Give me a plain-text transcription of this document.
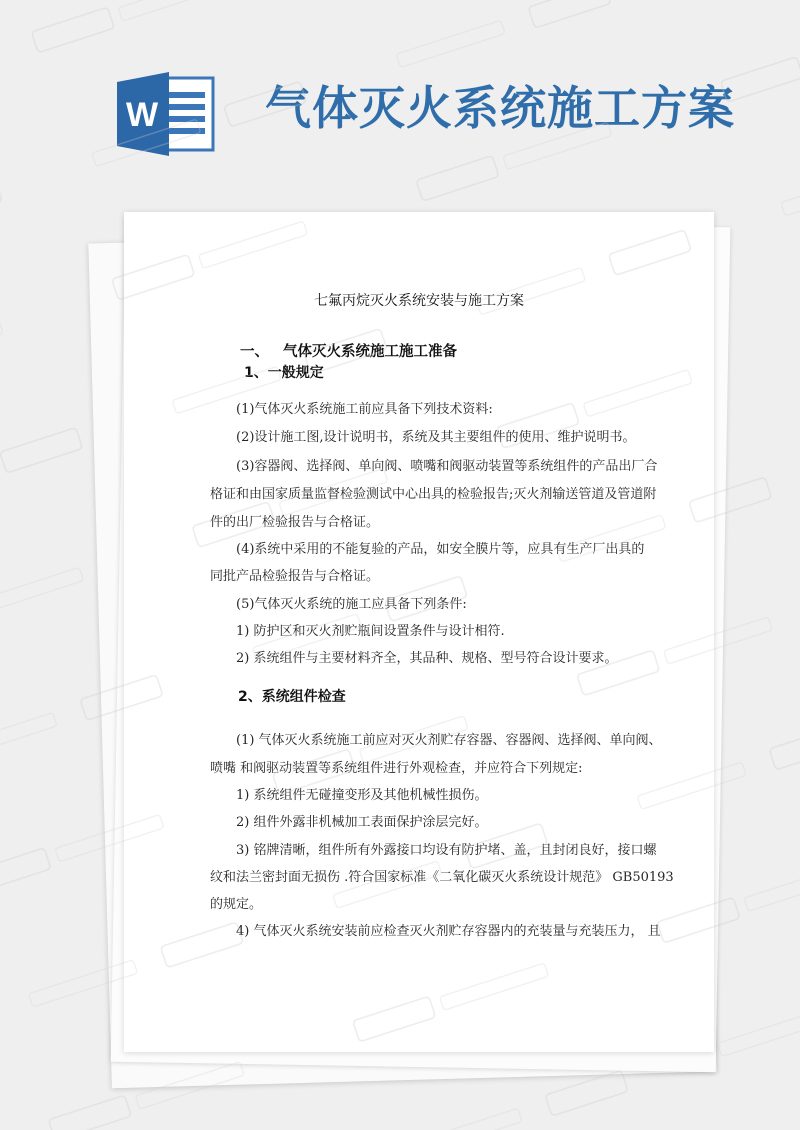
W 气体灭火系统施工方案
七氟丙烷灭火系统安装与施工方案
一、 气体灭火系统施工施工准备
1、一般规定
(1)气体灭火系统施工前应具备下列技术资料:
(2)设计施工图,设计说明书，系统及其主要组件的使用、维护说明书。
(3)容器阀、选择阀、单向阀、喷嘴和阀驱动装置等系统组件的产品出厂合
格证和由国家质量监督检验测试中心出具的检验报告;灭火剂输送管道及管道附
件的出厂检验报告与合格证。
(4)系统中采用的不能复验的产品，如安全膜片等，应具有生产厂出具的
同批产品检验报告与合格证。
(5)气体灭火系统的施工应具备下列条件:
1) 防护区和灭火剂贮瓶间设置条件与设计相符.
2) 系统组件与主要材料齐全，其品种、规格、型号符合设计要求。
2、系统组件检查
(1) 气体灭火系统施工前应对灭火剂贮存容器、容器阀、选择阀、单向阀、
喷嘴 和阀驱动装置等系统组件进行外观检查，并应符合下列规定:
1) 系统组件无碰撞变形及其他机械性损伤。
2) 组件外露非机械加工表面保护涂层完好。
3) 铭牌清晰，组件所有外露接口均设有防护堵、盖，且封闭良好，接口螺
纹和法兰密封面无损伤 .符合国家标准《二氧化碳灭火系统设计规范》 GB50193
的规定。
4) 气体灭火系统安装前应检查灭火剂贮存容器内的充装量与充装压力， 且
